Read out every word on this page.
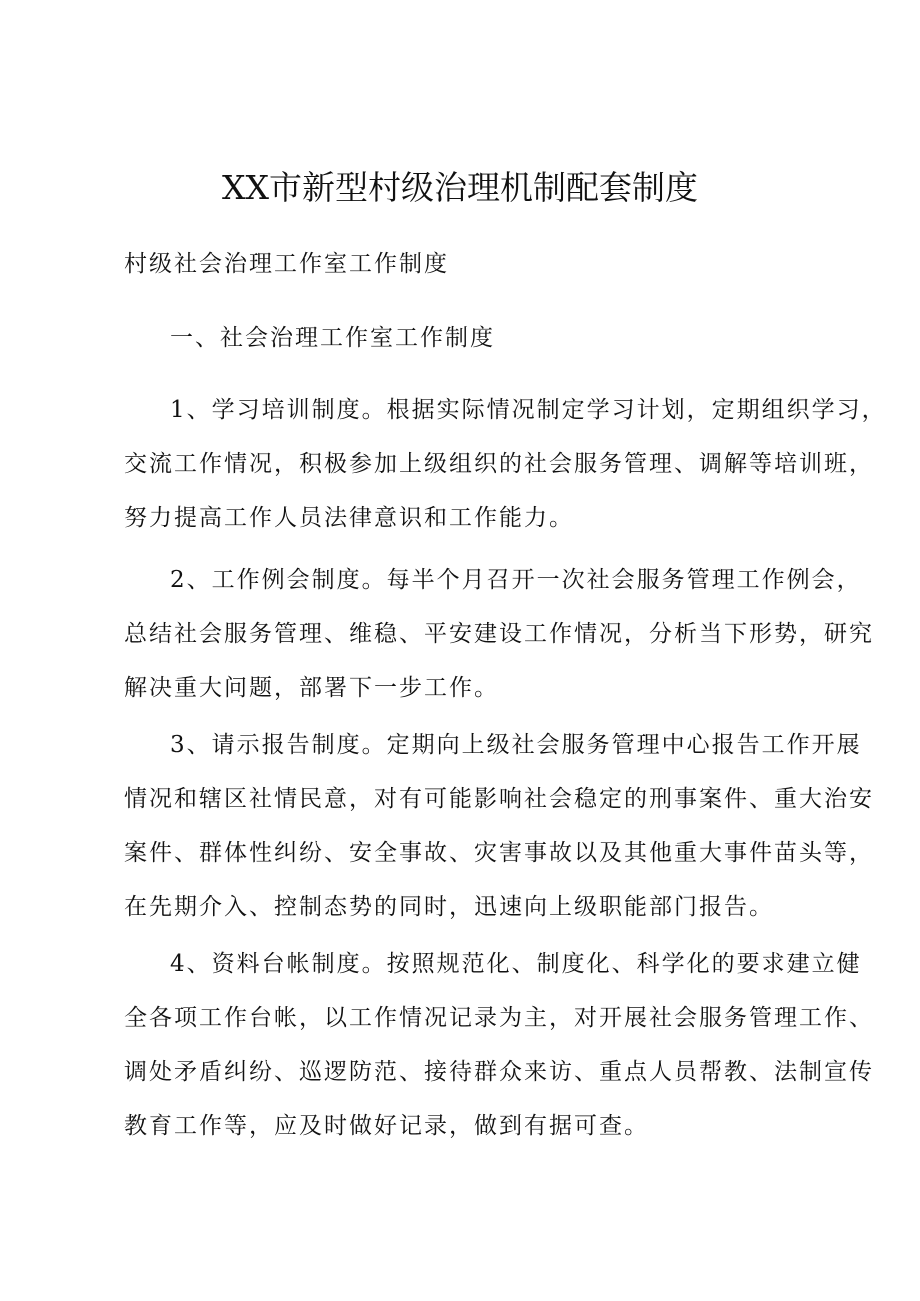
XX市新型村级治理机制配套制度

村级社会治理工作室工作制度

一、社会治理工作室工作制度

1、学习培训制度。根据实际情况制定学习计划，定期组织学习，
交流工作情况，积极参加上级组织的社会服务管理、调解等培训班，
努力提高工作人员法律意识和工作能力。
2、工作例会制度。每半个月召开一次社会服务管理工作例会，
总结社会服务管理、维稳、平安建设工作情况，分析当下形势，研究
解决重大问题，部署下一步工作。
3、请示报告制度。定期向上级社会服务管理中心报告工作开展
情况和辖区社情民意，对有可能影响社会稳定的刑事案件、重大治安
案件、群体性纠纷、安全事故、灾害事故以及其他重大事件苗头等，
在先期介入、控制态势的同时，迅速向上级职能部门报告。
4、资料台帐制度。按照规范化、制度化、科学化的要求建立健
全各项工作台帐，以工作情况记录为主，对开展社会服务管理工作、
调处矛盾纠纷、巡逻防范、接待群众来访、重点人员帮教、法制宣传
教育工作等，应及时做好记录，做到有据可查。
